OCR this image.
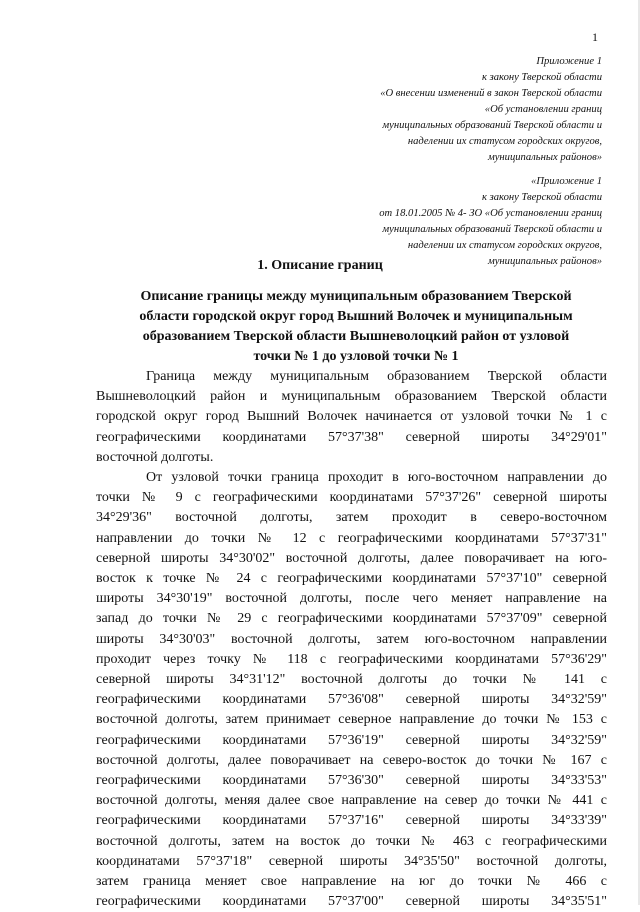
1
Приложение 1
к закону Тверской области
«О внесении изменений в закон Тверской области
«Об установлении границ
муниципальных образований Тверской области и
наделении их статусом городских округов,
муниципальных районов»
«Приложение 1
к закону Тверской области
от 18.01.2005 № 4- ЗО «Об установлении границ
муниципальных образований Тверской области и
наделении их статусом городских округов,
муниципальных районов»
1. Описание границ
Описание границы между муниципальным образованием Тверской
области городской округ город Вышний Волочек и муниципальным
образованием Тверской области Вышневолоцкий район от узловой
точки № 1 до узловой точки № 1
Граница между муниципальным образованием Тверской области
Вышневолоцкий район и муниципальным образованием Тверской области
городской округ город Вышний Волочек начинается от узловой точки № 1 с
географическими координатами 57°37'38" северной широты 34°29'01"
восточной долготы.
От узловой точки граница проходит в юго-восточном направлении до
точки № 9 с географическими координатами 57°37'26" северной широты
34°29'36" восточной долготы, затем проходит в северо-восточном
направлении до точки № 12 с географическими координатами 57°37'31"
северной широты 34°30'02" восточной долготы, далее поворачивает на юго-
восток к точке № 24 с географическими координатами 57°37'10" северной
широты 34°30'19" восточной долготы, после чего меняет направление на
запад до точки № 29 с географическими координатами 57°37'09" северной
широты 34°30'03" восточной долготы, затем юго-восточном направлении
проходит через точку № 118 с географическими координатами 57°36'29"
северной широты 34°31'12" восточной долготы до точки № 141 с
географическими координатами 57°36'08" северной широты 34°32'59"
восточной долготы, затем принимает северное направление до точки № 153 с
географическими координатами 57°36'19" северной широты 34°32'59"
восточной долготы, далее поворачивает на северо-восток до точки № 167 с
географическими координатами 57°36'30" северной широты 34°33'53"
восточной долготы, меняя далее свое направление на север до точки № 441 с
географическими координатами 57°37'16" северной широты 34°33'39"
восточной долготы, затем на восток до точки № 463 с географическими
координатами 57°37'18" северной широты 34°35'50" восточной долготы,
затем граница меняет свое направление на юг до точки № 466 с
географическими координатами 57°37'00" северной широты 34°35'51"
